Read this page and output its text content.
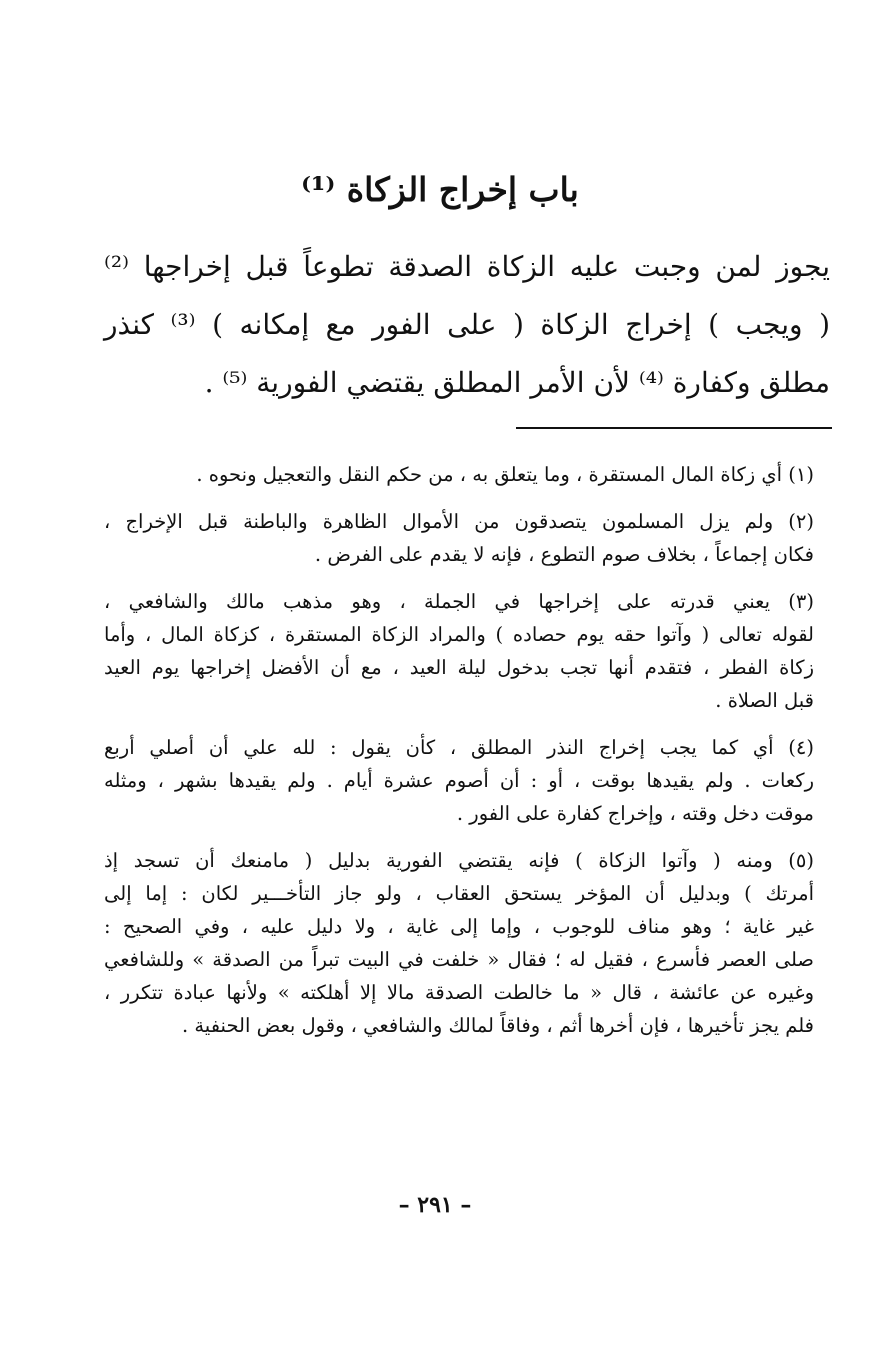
باب إخراج الزكاة ⁽¹⁾
يجوز لمن وجبت عليه الزكاة الصدقة تطوعاً قبل إخراجها ⁽²⁾
( ويجب ) إخراج الزكاة ( على الفور مع إمكانه ) ⁽³⁾ كنذر
مطلق وكفارة ⁽⁴⁾ لأن الأمر المطلق يقتضي الفورية ⁽⁵⁾ .
(١) أي زكاة المال المستقرة ، وما يتعلق به ، من حكم النقل والتعجيل ونحوه .
(٢) ولم يزل المسلمون يتصدقون من الأموال الظاهرة والباطنة قبل الإخراج ،
فكان إجماعاً ، بخلاف صوم التطوع ، فإنه لا يقدم على الفرض .
(٣) يعني قدرته على إخراجها في الجملة ، وهو مذهب مالك والشافعي ،
لقوله تعالى ( وآتوا حقه يوم حصاده ) والمراد الزكاة المستقرة ، كزكاة المال ، وأما
زكاة الفطر ، فتقدم أنها تجب بدخول ليلة العيد ، مع أن الأفضل إخراجها يوم العيد
قبل الصلاة .
(٤) أي كما يجب إخراج النذر المطلق ، كأن يقول : لله علي أن أصلي أربع
ركعات . ولم يقيدها بوقت ، أو : أن أصوم عشرة أيام . ولم يقيدها بشهر ، ومثله
موقت دخل وقته ، وإخراج كفارة على الفور .
(٥) ومنه ( وآتوا الزكاة ) فإنه يقتضي الفورية بدليل ( مامنعك أن تسجد إذ
أمرتك ) وبدليل أن المؤخر يستحق العقاب ، ولو جاز التأخـــير لكان : إما إلى
غير غاية ؛ وهو مناف للوجوب ، وإما إلى غاية ، ولا دليل عليه ، وفي الصحيح :
صلى العصر فأسرع ، فقيل له ؛ فقال « خلفت في البيت تبراً من الصدقة » وللشافعي
وغيره عن عائشة ، قال « ما خالطت الصدقة مالا إلا أهلكته » ولأنها عبادة تتكرر ،
فلم يجز تأخيرها ، فإن أخرها أثم ، وفاقاً لمالك والشافعي ، وقول بعض الحنفية .
– ٢٩١ –
